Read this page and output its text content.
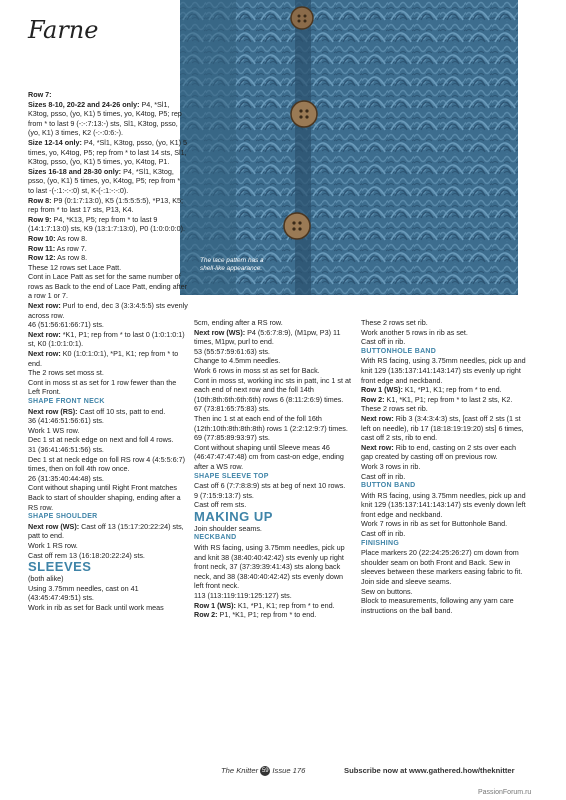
Farne
The lace pattern has a shell-like appearance.
Row 7:
Sizes 8-10, 20-22 and 24-26 only: P4, *Sl1, K3tog, psso, (yo, K1) 5 times, yo, K4tog, P5; rep from * to last 9 (-:-:7:13:-) sts, Sl1, K3tog, psso, (yo, K1) 3 times, K2 (-:-:0:6:-).
Size 12-14 only: P4, *Sl1, K3tog, psso, (yo, K1) 5 times, yo, K4tog, P5; rep from * to last 14 sts, Sl1, K3tog, psso, (yo, K1) 5 times, yo, K4tog, P1.
Sizes 16-18 and 28-30 only: P4, *Sl1, K3tog, psso, (yo, K1) 5 times, yo, K4tog, P5; rep from * to last -(-:1:-:-:0) st, K-(-:1:-:-:0).
Row 8: P9 (0:1:7:13:0), K5 (1:5:5:5:5), *P13, K5; rep from * to last 17 sts, P13, K4.
Row 9: P4, *K13, P5; rep from * to last 9 (14:1:7:13:0) sts, K9 (13:1:7:13:0), P0 (1:0:0:0:0).
Row 10: As row 8.
Row 11: As row 7.
Row 12: As row 8.
These 12 rows set Lace Patt.
Cont in Lace Patt as set for the same number of rows as Back to the end of Lace Patt, ending after a row 1 or 7.
Next row: Purl to end, dec 3 (3:3:4:5:5) sts evenly across row.
46 (51:56:61:66:71) sts.
Next row: *K1, P1; rep from * to last 0 (1:0:1:0:1) st, K0 (1:0:1:0:1).
Next row: K0 (1:0:1:0:1), *P1, K1; rep from * to end.
The 2 rows set moss st.
Cont in moss st as set for 1 row fewer than the Left Front.
SHAPE FRONT NECK
Next row (RS): Cast off 10 sts, patt to end.
36 (41:46:51:56:61) sts.
Work 1 WS row.
Dec 1 st at neck edge on next and foll 4 rows.
31 (36:41:46:51:56) sts.
Dec 1 st at neck edge on foll RS row 4 (4:5:5:6:7) times, then on foll 4th row once.
26 (31:35:40:44:48) sts.
Cont without shaping until Right Front matches Back to start of shoulder shaping, ending after a RS row.
SHAPE SHOULDER
Next row (WS): Cast off 13 (15:17:20:22:24) sts, patt to end.
Work 1 RS row.
Cast off rem 13 (16:18:20:22:24) sts.
SLEEVES
(both alike)
Using 3.75mm needles, cast on 41 (43:45:47:49:51) sts.
Work in rib as set for Back until work meas
5cm, ending after a RS row.
Next row (WS): P4 (5:6:7:8:9), (M1pw, P3) 11 times, M1pw, purl to end.
53 (55:57:59:61:63) sts.
Change to 4.5mm needles.
Work 6 rows in moss st as set for Back.
Cont in moss st, working inc sts in patt, inc 1 st at each end of next row and the foll 14th (10th:8th:6th:6th:6th) rows 6 (8:11:2:6:9) times.
67 (73:81:65:75:83) sts.
Then inc 1 st at each end of the foll 16th (12th:10th:8th:8th:8th) rows 1 (2:2:12:9:7) times.
69 (77:85:89:93:97) sts.
Cont without shaping until Sleeve meas 46 (46:47:47:47:48) cm from cast-on edge, ending after a WS row.
SHAPE SLEEVE TOP
Cast off 6 (7:7:8:8:9) sts at beg of next 10 rows.
9 (7:15:9:13:7) sts.
Cast off rem sts.
MAKING UP
Join shoulder seams.
NECKBAND
With RS facing, using 3.75mm needles, pick up and knit 38 (38:40:40:42:42) sts evenly up right front neck, 37 (37:39:39:41:43) sts along back neck, and 38 (38:40:40:42:42) sts evenly down left front neck.
113 (113:119:119:125:127) sts.
Row 1 (WS): K1, *P1, K1; rep from * to end.
Row 2: P1, *K1, P1; rep from * to end.
These 2 rows set rib.
Work another 5 rows in rib as set.
Cast off in rib.
BUTTONHOLE BAND
With RS facing, using 3.75mm needles, pick up and knit 129 (135:137:141:143:147) sts evenly up right front edge and neckband.
Row 1 (WS): K1, *P1, K1; rep from * to end.
Row 2: K1, *K1, P1; rep from * to last 2 sts, K2.
These 2 rows set rib.
Next row: Rib 3 (3:4:3:4:3) sts, [cast off 2 sts (1 st left on needle), rib 17 (18:18:19:19:20) sts] 6 times, cast off 2 sts, rib to end.
Next row: Rib to end, casting on 2 sts over each gap created by casting off on previous row.
Work 3 rows in rib.
Cast off in rib.
BUTTON BAND
With RS facing, using 3.75mm needles, pick up and knit 129 (135:137:141:143:147) sts evenly down left front edge and neckband.
Work 7 rows in rib as set for Buttonhole Band.
Cast off in rib.
FINISHING
Place markers 20 (22:24:25:26:27) cm down from shoulder seam on both Front and Back. Sew in sleeves between these markers easing fabric to fit.
Join side and sleeve seams.
Sew on buttons.
Block to measurements, following any yarn care instructions on the ball band.
The Knitter 59 Issue 176	Subscribe now at www.gathered.how/theknitter
PassionForum.ru
